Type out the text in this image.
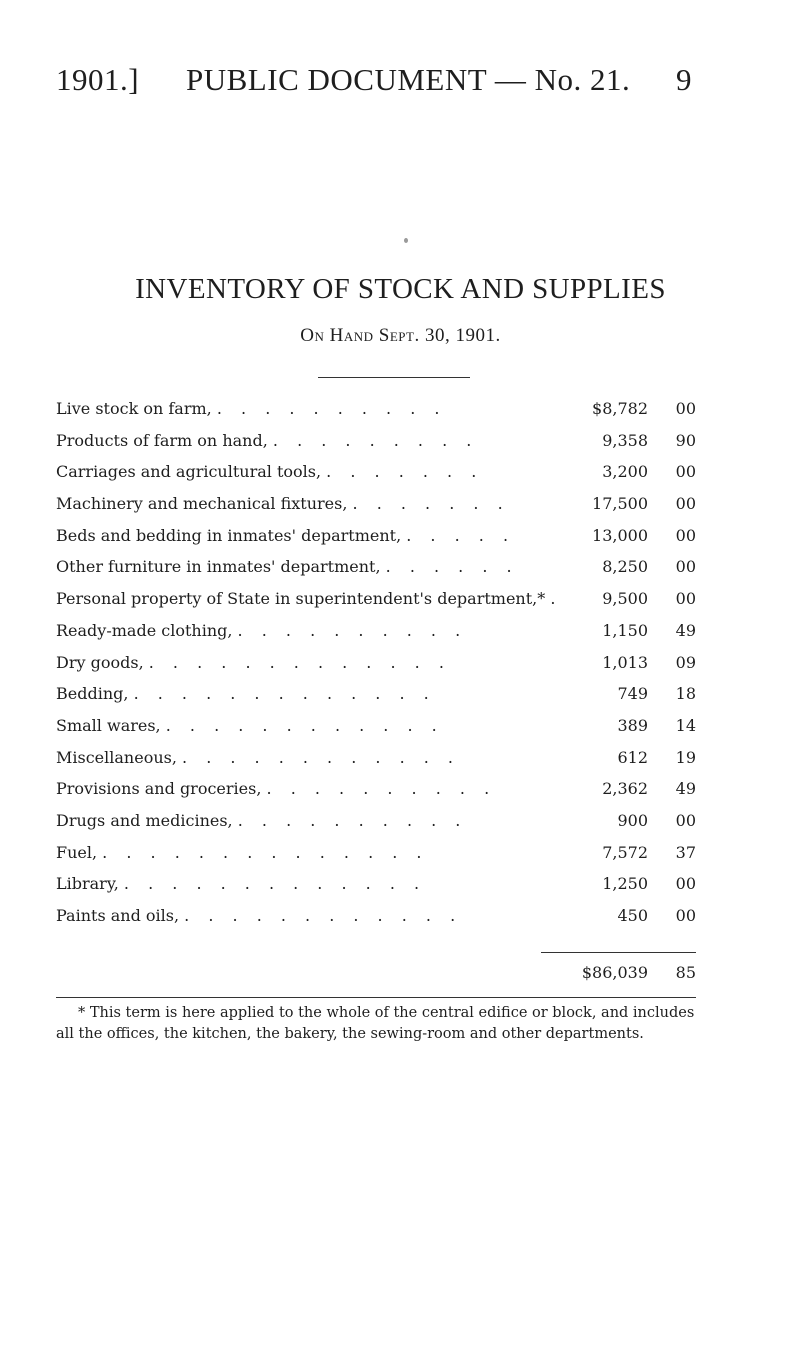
1901.] PUBLIC DOCUMENT — No. 21. 9
INVENTORY OF STOCK AND SUPPLIES
On Hand Sept. 30, 1901.
Live stock on farm, . . . . . . . . . .	$8,782	00
Products of farm on hand, . . . . . . . . .	9,358	90
Carriages and agricultural tools, . . . . . . .	3,200	00
Machinery and mechanical fixtures, . . . . . . .	17,500	00
Beds and bedding in inmates' department, . . . . .	13,000	00
Other furniture in inmates' department, . . . . . .	8,250	00
Personal property of State in superintendent's department,* .	9,500	00
Ready-made clothing, . . . . . . . . . .	1,150	49
Dry goods, . . . . . . . . . . . . .	1,013	09
Bedding, . . . . . . . . . . . . .	749	18
Small wares, . . . . . . . . . . . .	389	14
Miscellaneous, . . . . . . . . . . . .	612	19
Provisions and groceries, . . . . . . . . . .	2,362	49
Drugs and medicines, . . . . . . . . . .	900	00
Fuel, . . . . . . . . . . . . . .	7,572	37
Library, . . . . . . . . . . . . .	1,250	00
Paints and oils, . . . . . . . . . . . .	450	00
$86,039	85
* This term is here applied to the whole of the central edifice or block, and includes all the offices, the kitchen, the bakery, the sewing-room and other departments.
